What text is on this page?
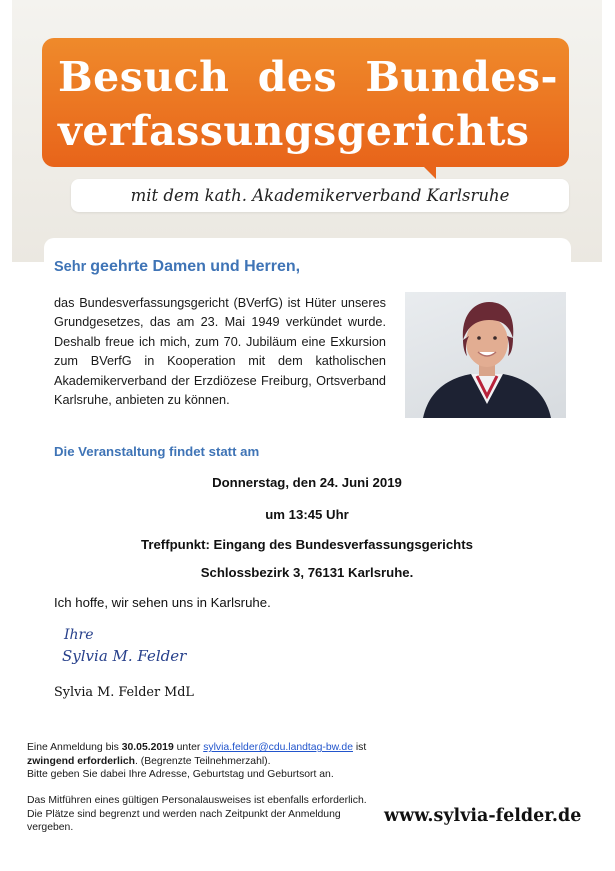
Besuch des Bundes-
verfassungsgerichts
mit dem kath. Akademikerverband Karlsruhe

Sehr geehrte Damen und Herren,

das Bundesverfassungsgericht (BVerfG) ist Hüter unseres Grundgesetzes, das am 23. Mai 1949 verkündet wurde. Deshalb freue ich mich, zum 70. Jubiläum eine Exkursion zum BVerfG in Kooperation mit dem katholischen Akademikerverband der Erzdiözese Freiburg, Ortsverband Karlsruhe, anbieten zu können.

Die Veranstaltung findet statt am

Donnerstag, den 24. Juni 2019

um 13:45 Uhr

Treffpunkt: Eingang des Bundesverfassungsgerichts

Schlossbezirk 3, 76131 Karlsruhe.

Ich hoffe, wir sehen uns in Karlsruhe.

Ihre
Sylvia M. Felder

Sylvia M. Felder MdL

Eine Anmeldung bis 30.05.2019 unter sylvia.felder@cdu.landtag-bw.de ist zwingend erforderlich. (Begrenzte Teilnehmerzahl).
Bitte geben Sie dabei Ihre Adresse, Geburtstag und Geburtsort an.

Das Mitführen eines gültigen Personalausweises ist ebenfalls erforderlich. Die Plätze sind begrenzt und werden nach Zeitpunkt der Anmeldung vergeben.

www.sylvia-felder.de
